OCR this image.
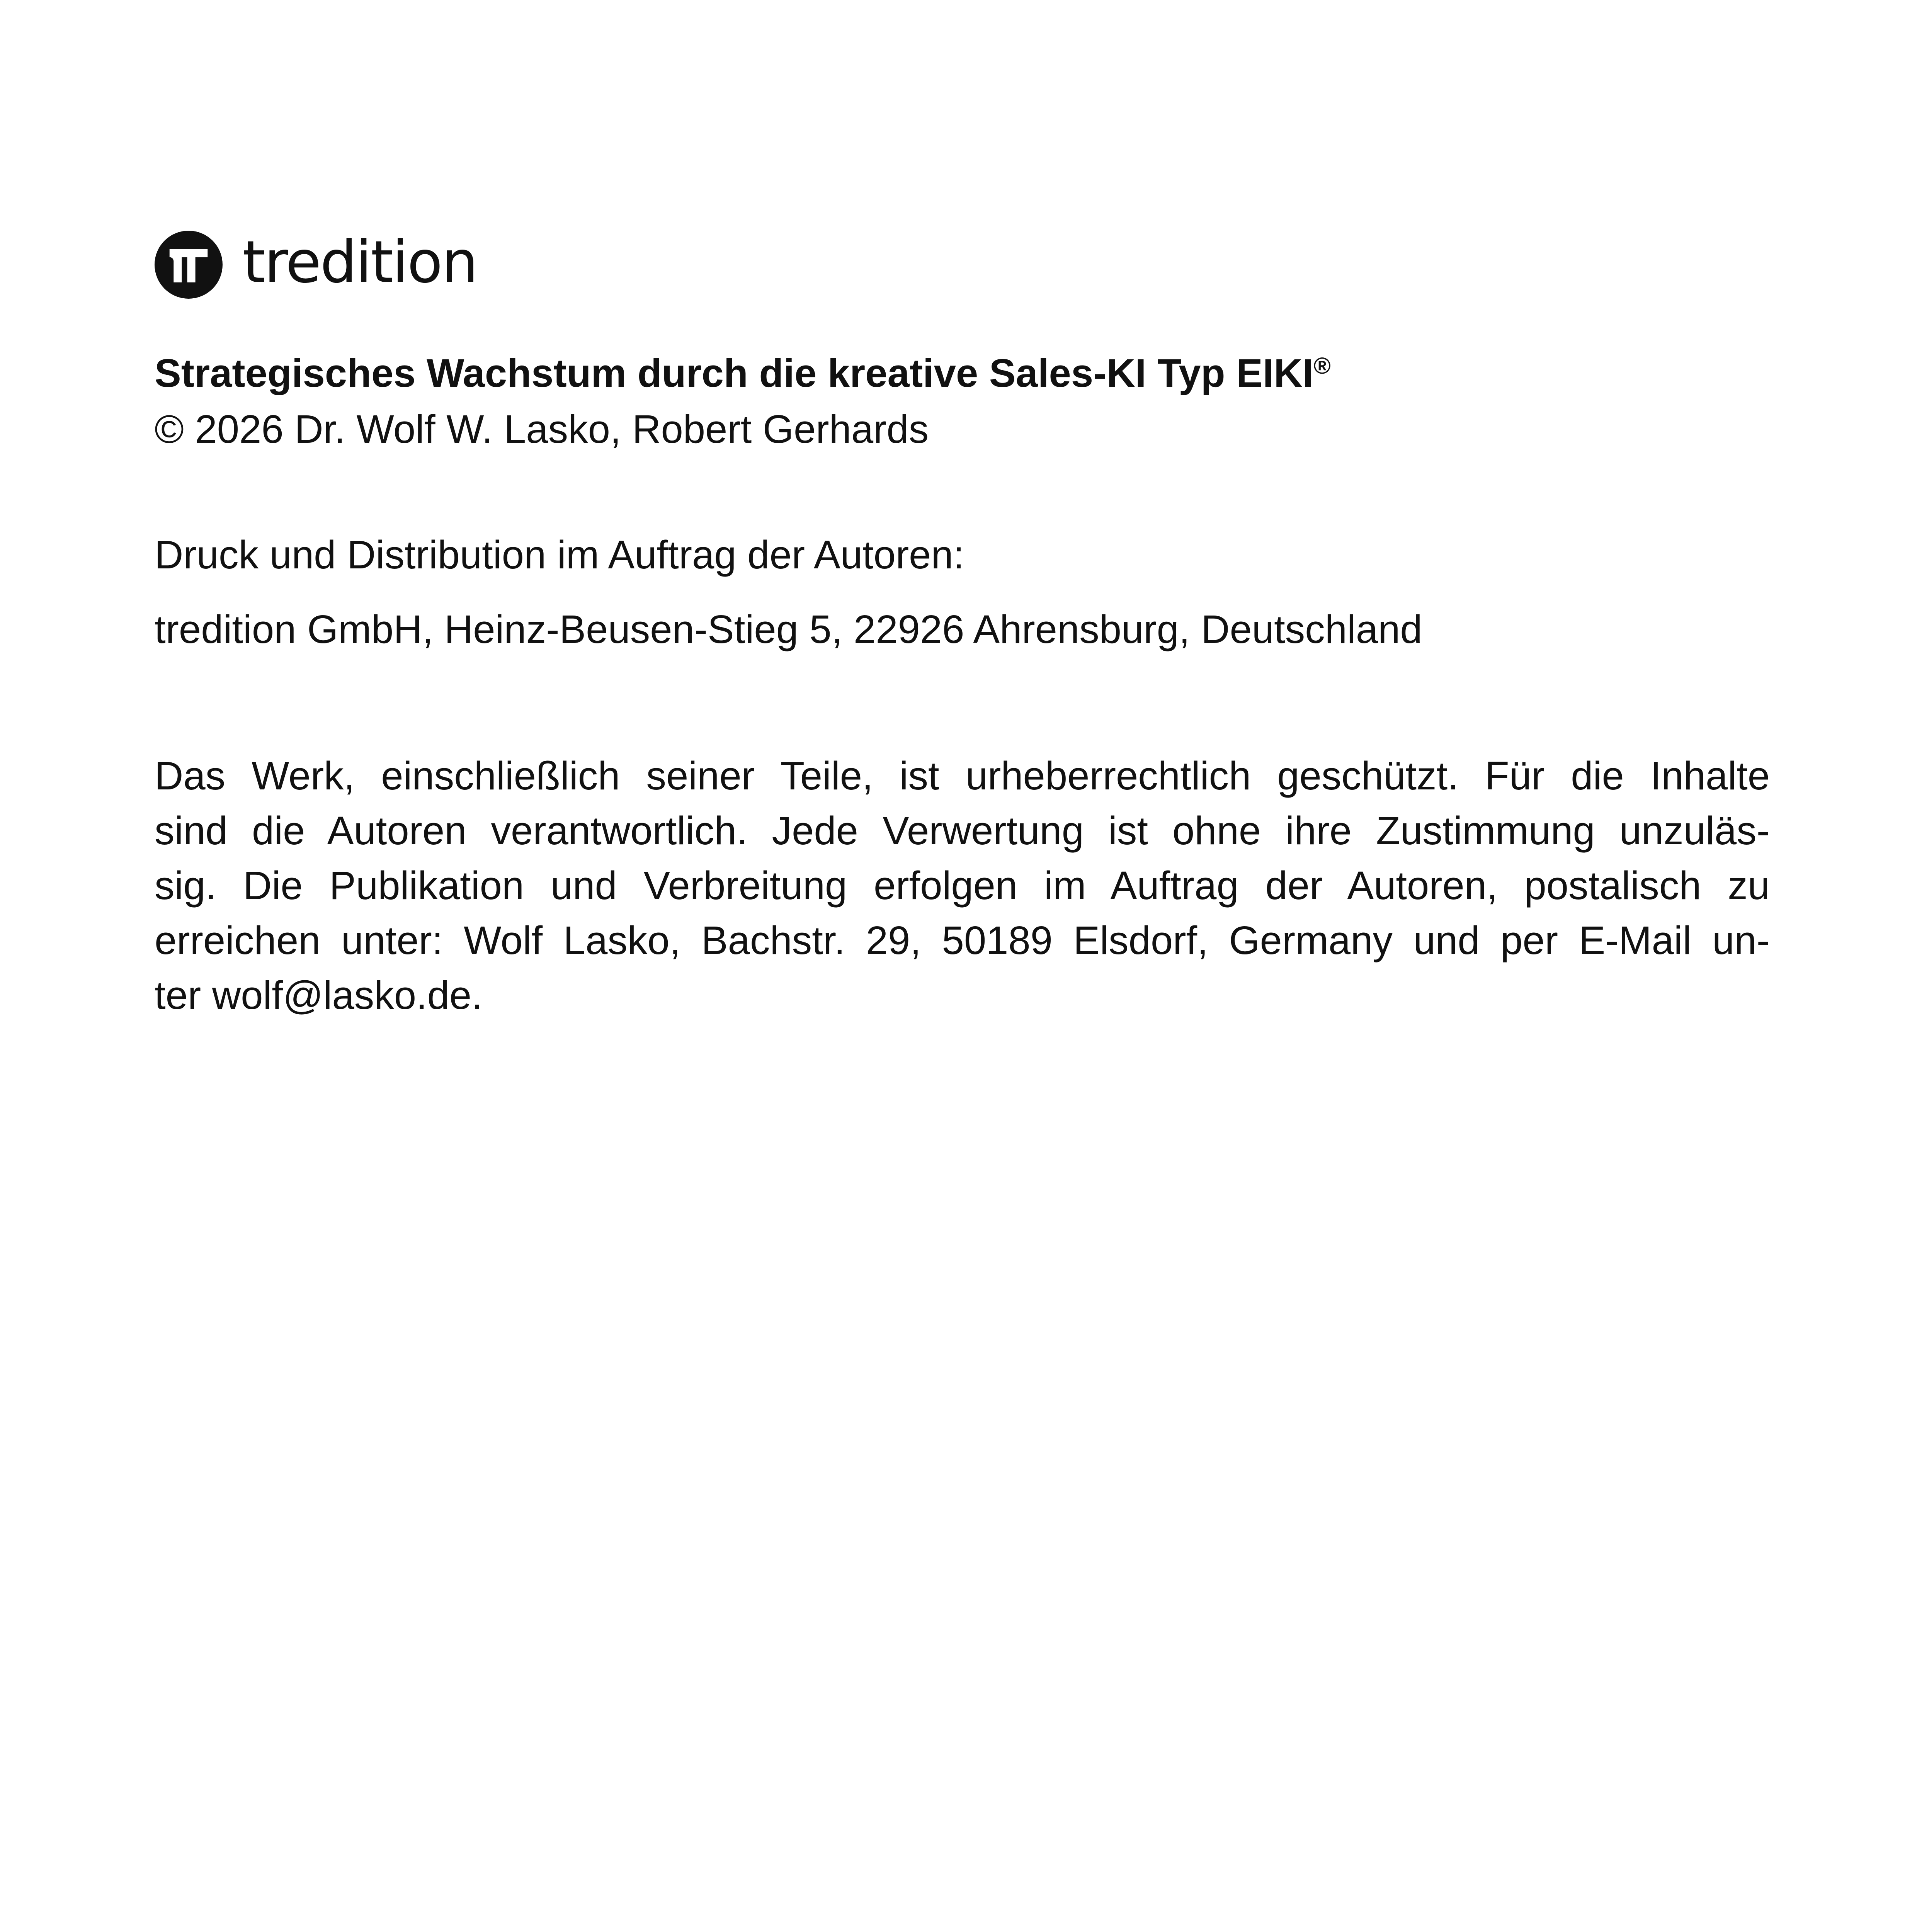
tredition
Strategisches Wachstum durch die kreative Sales-KI Typ EIKI®
© 2026 Dr. Wolf W. Lasko, Robert Gerhards
Druck und Distribution im Auftrag der Autoren:
tredition GmbH, Heinz-Beusen-Stieg 5, 22926 Ahrensburg, Deutschland
Das Werk, einschließlich seiner Teile, ist urheberrechtlich geschützt. Für die Inhalte
sind die Autoren verantwortlich. Jede Verwertung ist ohne ihre Zustimmung unzuläs-
sig. Die Publikation und Verbreitung erfolgen im Auftrag der Autoren, postalisch zu
erreichen unter: Wolf Lasko, Bachstr. 29, 50189 Elsdorf, Germany und per E-Mail un-
ter wolf@lasko.de.
